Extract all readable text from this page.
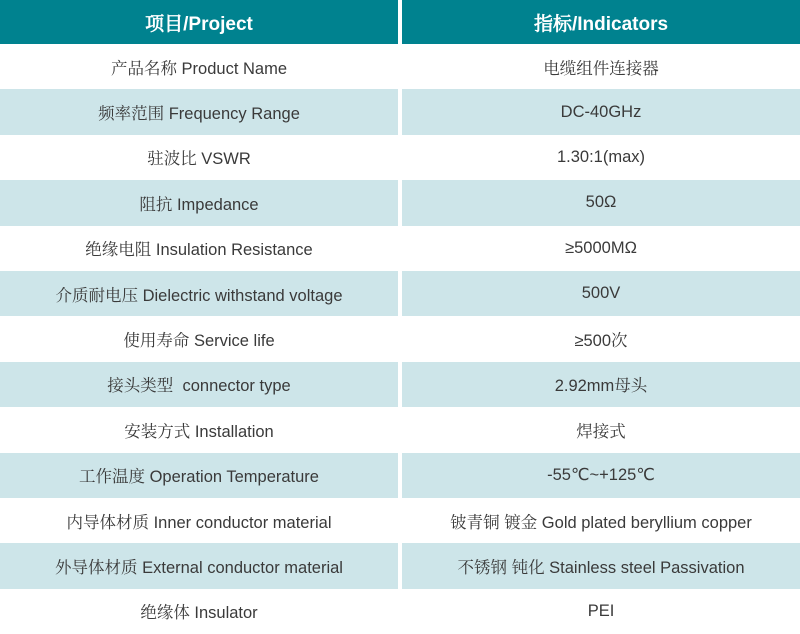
项目/Project	指标/Indicators
产品名称 Product Name	电缆组件连接器
频率范围 Frequency Range	DC-40GHz
驻波比 VSWR	1.30:1(max)
阻抗 Impedance	50Ω
绝缘电阻 Insulation Resistance	≥5000MΩ
介质耐电压 Dielectric withstand voltage	500V
使用寿命 Service life	≥500次
接头类型  connector type	2.92mm母头
安装方式 Installation	焊接式
工作温度 Operation Temperature	-55℃~+125℃
内导体材质 Inner conductor material	铍青铜 镀金 Gold plated beryllium copper
外导体材质 External conductor material	不锈钢 钝化 Stainless steel Passivation
绝缘体 Insulator	PEI
